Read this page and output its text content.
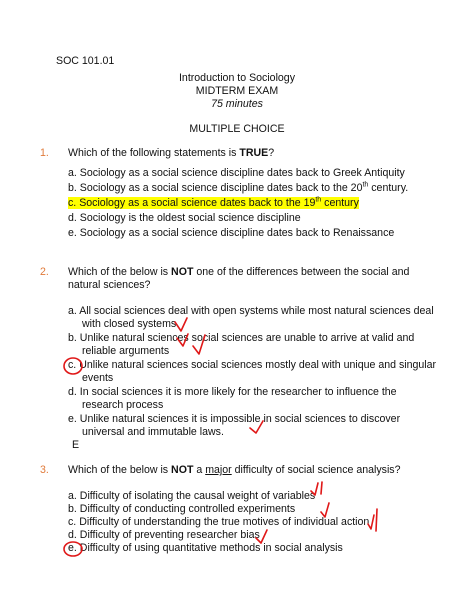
SOC 101.01
Introduction to Sociology
MIDTERM EXAM
75 minutes
MULTIPLE CHOICE
1. Which of the following statements is TRUE?
a. Sociology as a social science discipline dates back to Greek Antiquity
b. Sociology as a social science discipline dates back to the 20th century.
c. Sociology as a social science dates back to the 19th century
d. Sociology is the oldest social science discipline
e. Sociology as a social science discipline dates back to Renaissance
2. Which of the below is NOT one of the differences between the social and
natural sciences?
a. All social sciences deal with open systems while most natural sciences deal
with closed systems
b. Unlike natural sciences social sciences are unable to arrive at valid and
reliable arguments
c. Unlike natural sciences social sciences mostly deal with unique and singular
events
d. In social sciences it is more likely for the researcher to influence the
research process
e. Unlike natural sciences it is impossible in social sciences to discover
universal and immutable laws.
E
3. Which of the below is NOT a major difficulty of social science analysis?
a. Difficulty of isolating the causal weight of variables
b. Difficulty of conducting controlled experiments
c. Difficulty of understanding the true motives of individual action
d. Difficulty of preventing researcher bias
e. Difficulty of using quantitative methods in social analysis
